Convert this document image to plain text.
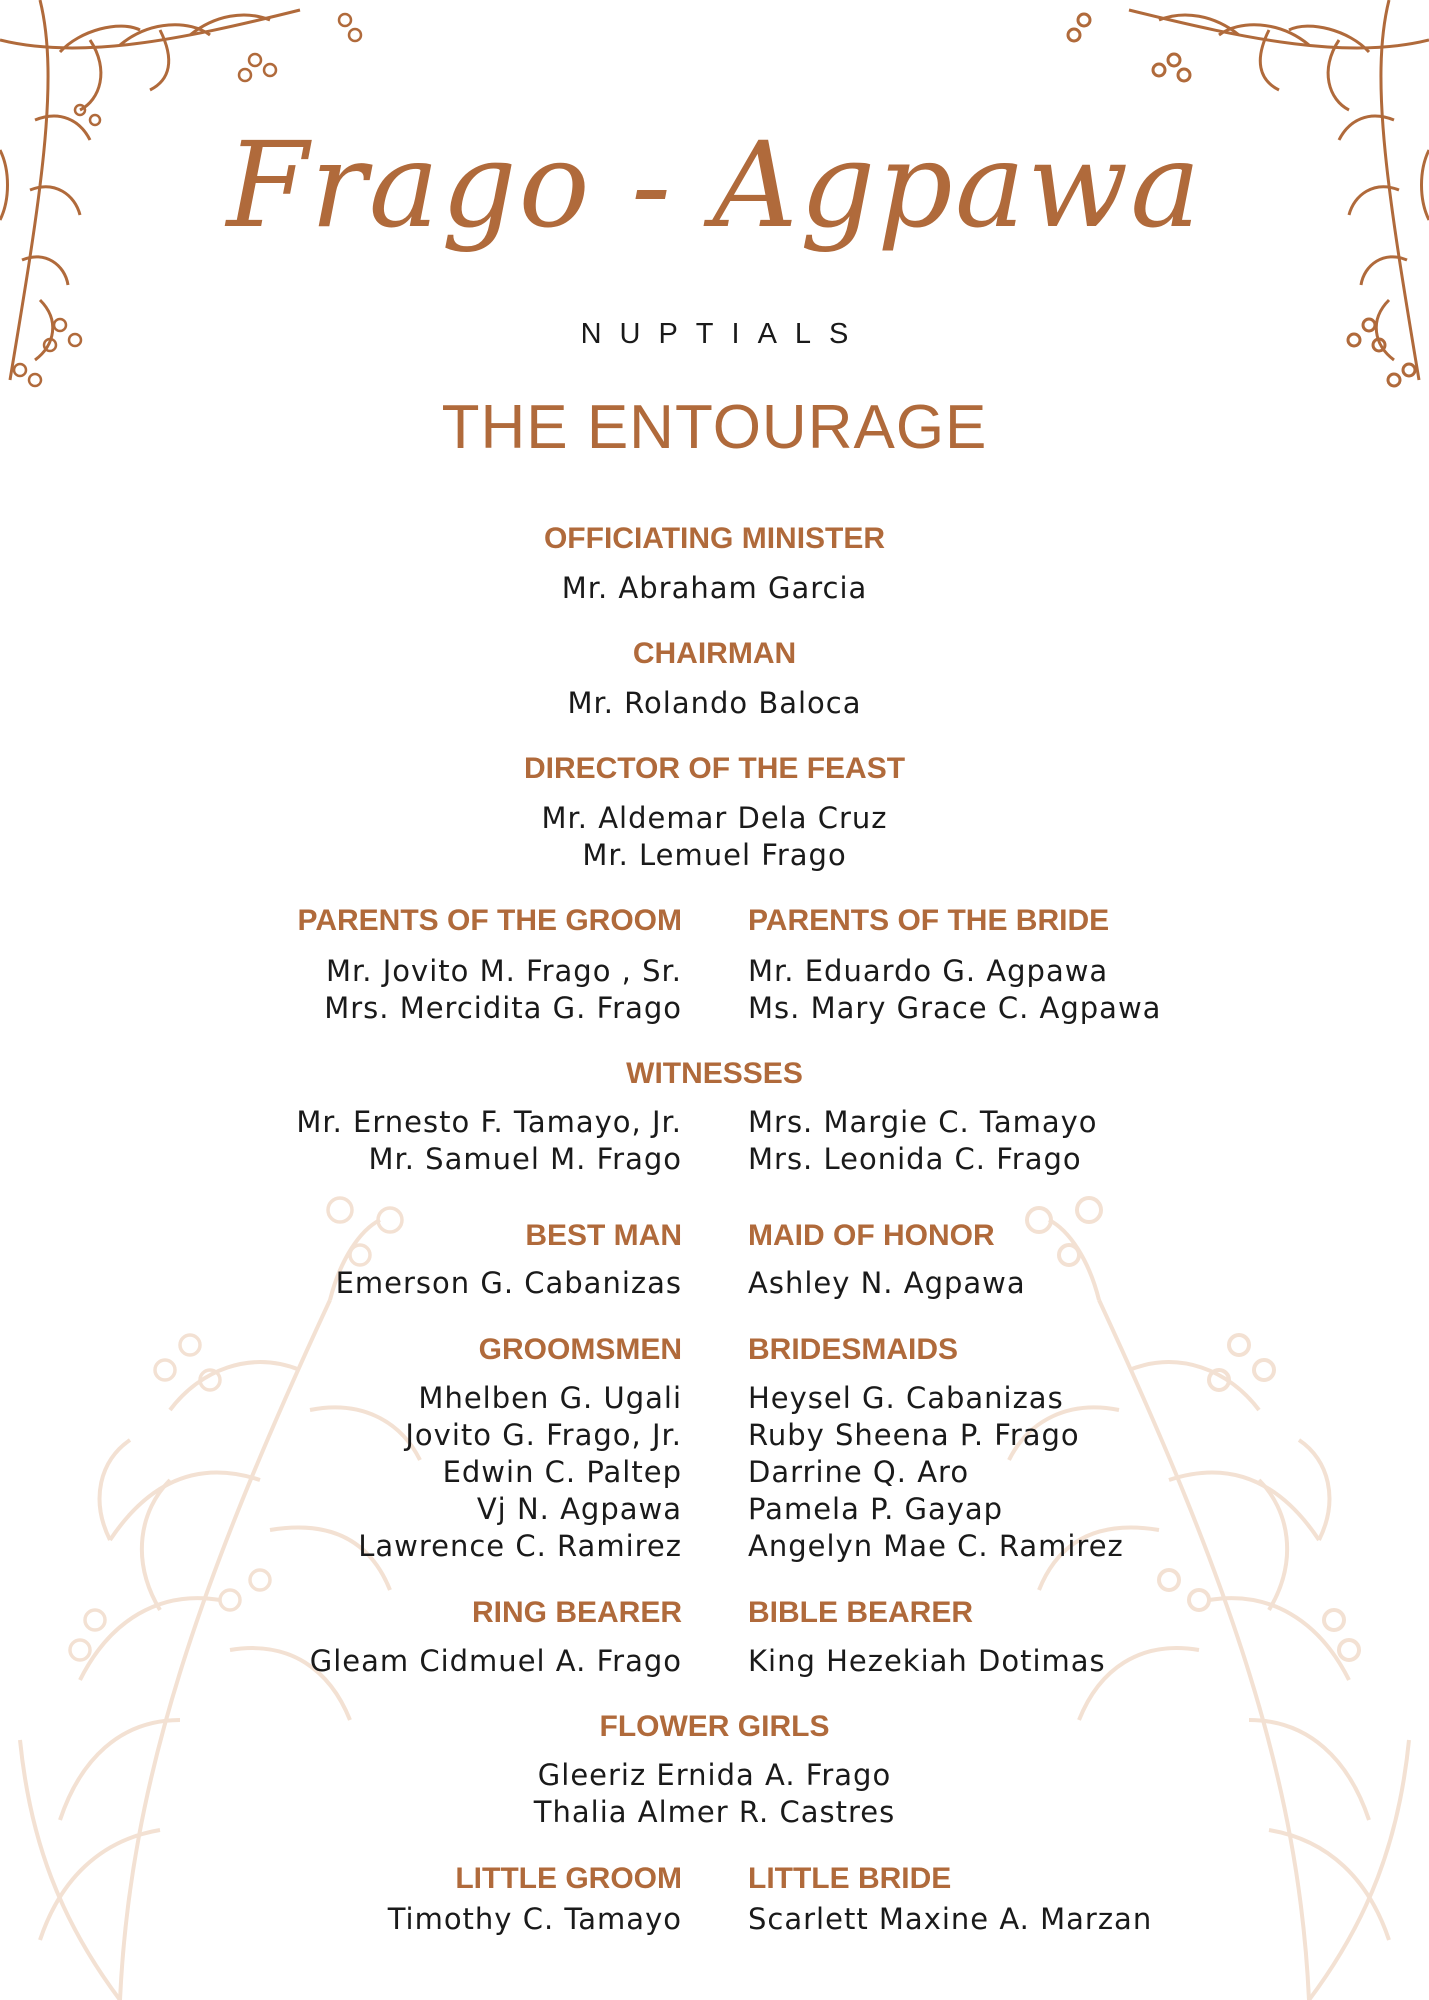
Frago - Agpawa
NUPTIALS
THE ENTOURAGE
OFFICIATING MINISTER
Mr. Abraham Garcia
CHAIRMAN
Mr. Rolando Baloca
DIRECTOR OF THE FEAST
Mr. Aldemar Dela Cruz
Mr. Lemuel Frago
PARENTS OF THE GROOM PARENTS OF THE BRIDE
Mr. Jovito M. Frago , Sr.
Mrs. Mercidita G. Frago
Mr. Eduardo G. Agpawa
Ms. Mary Grace C. Agpawa
WITNESSES
Mr. Ernesto F. Tamayo, Jr.
Mr. Samuel M. Frago
Mrs. Margie C. Tamayo
Mrs. Leonida C. Frago
BEST MAN MAID OF HONOR
Emerson G. Cabanizas Ashley N. Agpawa
GROOMSMEN BRIDESMAIDS
Mhelben G. Ugali
Jovito G. Frago, Jr.
Edwin C. Paltep
Vj N. Agpawa
Lawrence C. Ramirez
Heysel G. Cabanizas
Ruby Sheena P. Frago
Darrine Q. Aro
Pamela P. Gayap
Angelyn Mae C. Ramirez
RING BEARER BIBLE BEARER
Gleam Cidmuel A. Frago King Hezekiah Dotimas
FLOWER GIRLS
Gleeriz Ernida A. Frago
Thalia Almer R. Castres
LITTLE GROOM LITTLE BRIDE
Timothy C. Tamayo Scarlett Maxine A. Marzan
